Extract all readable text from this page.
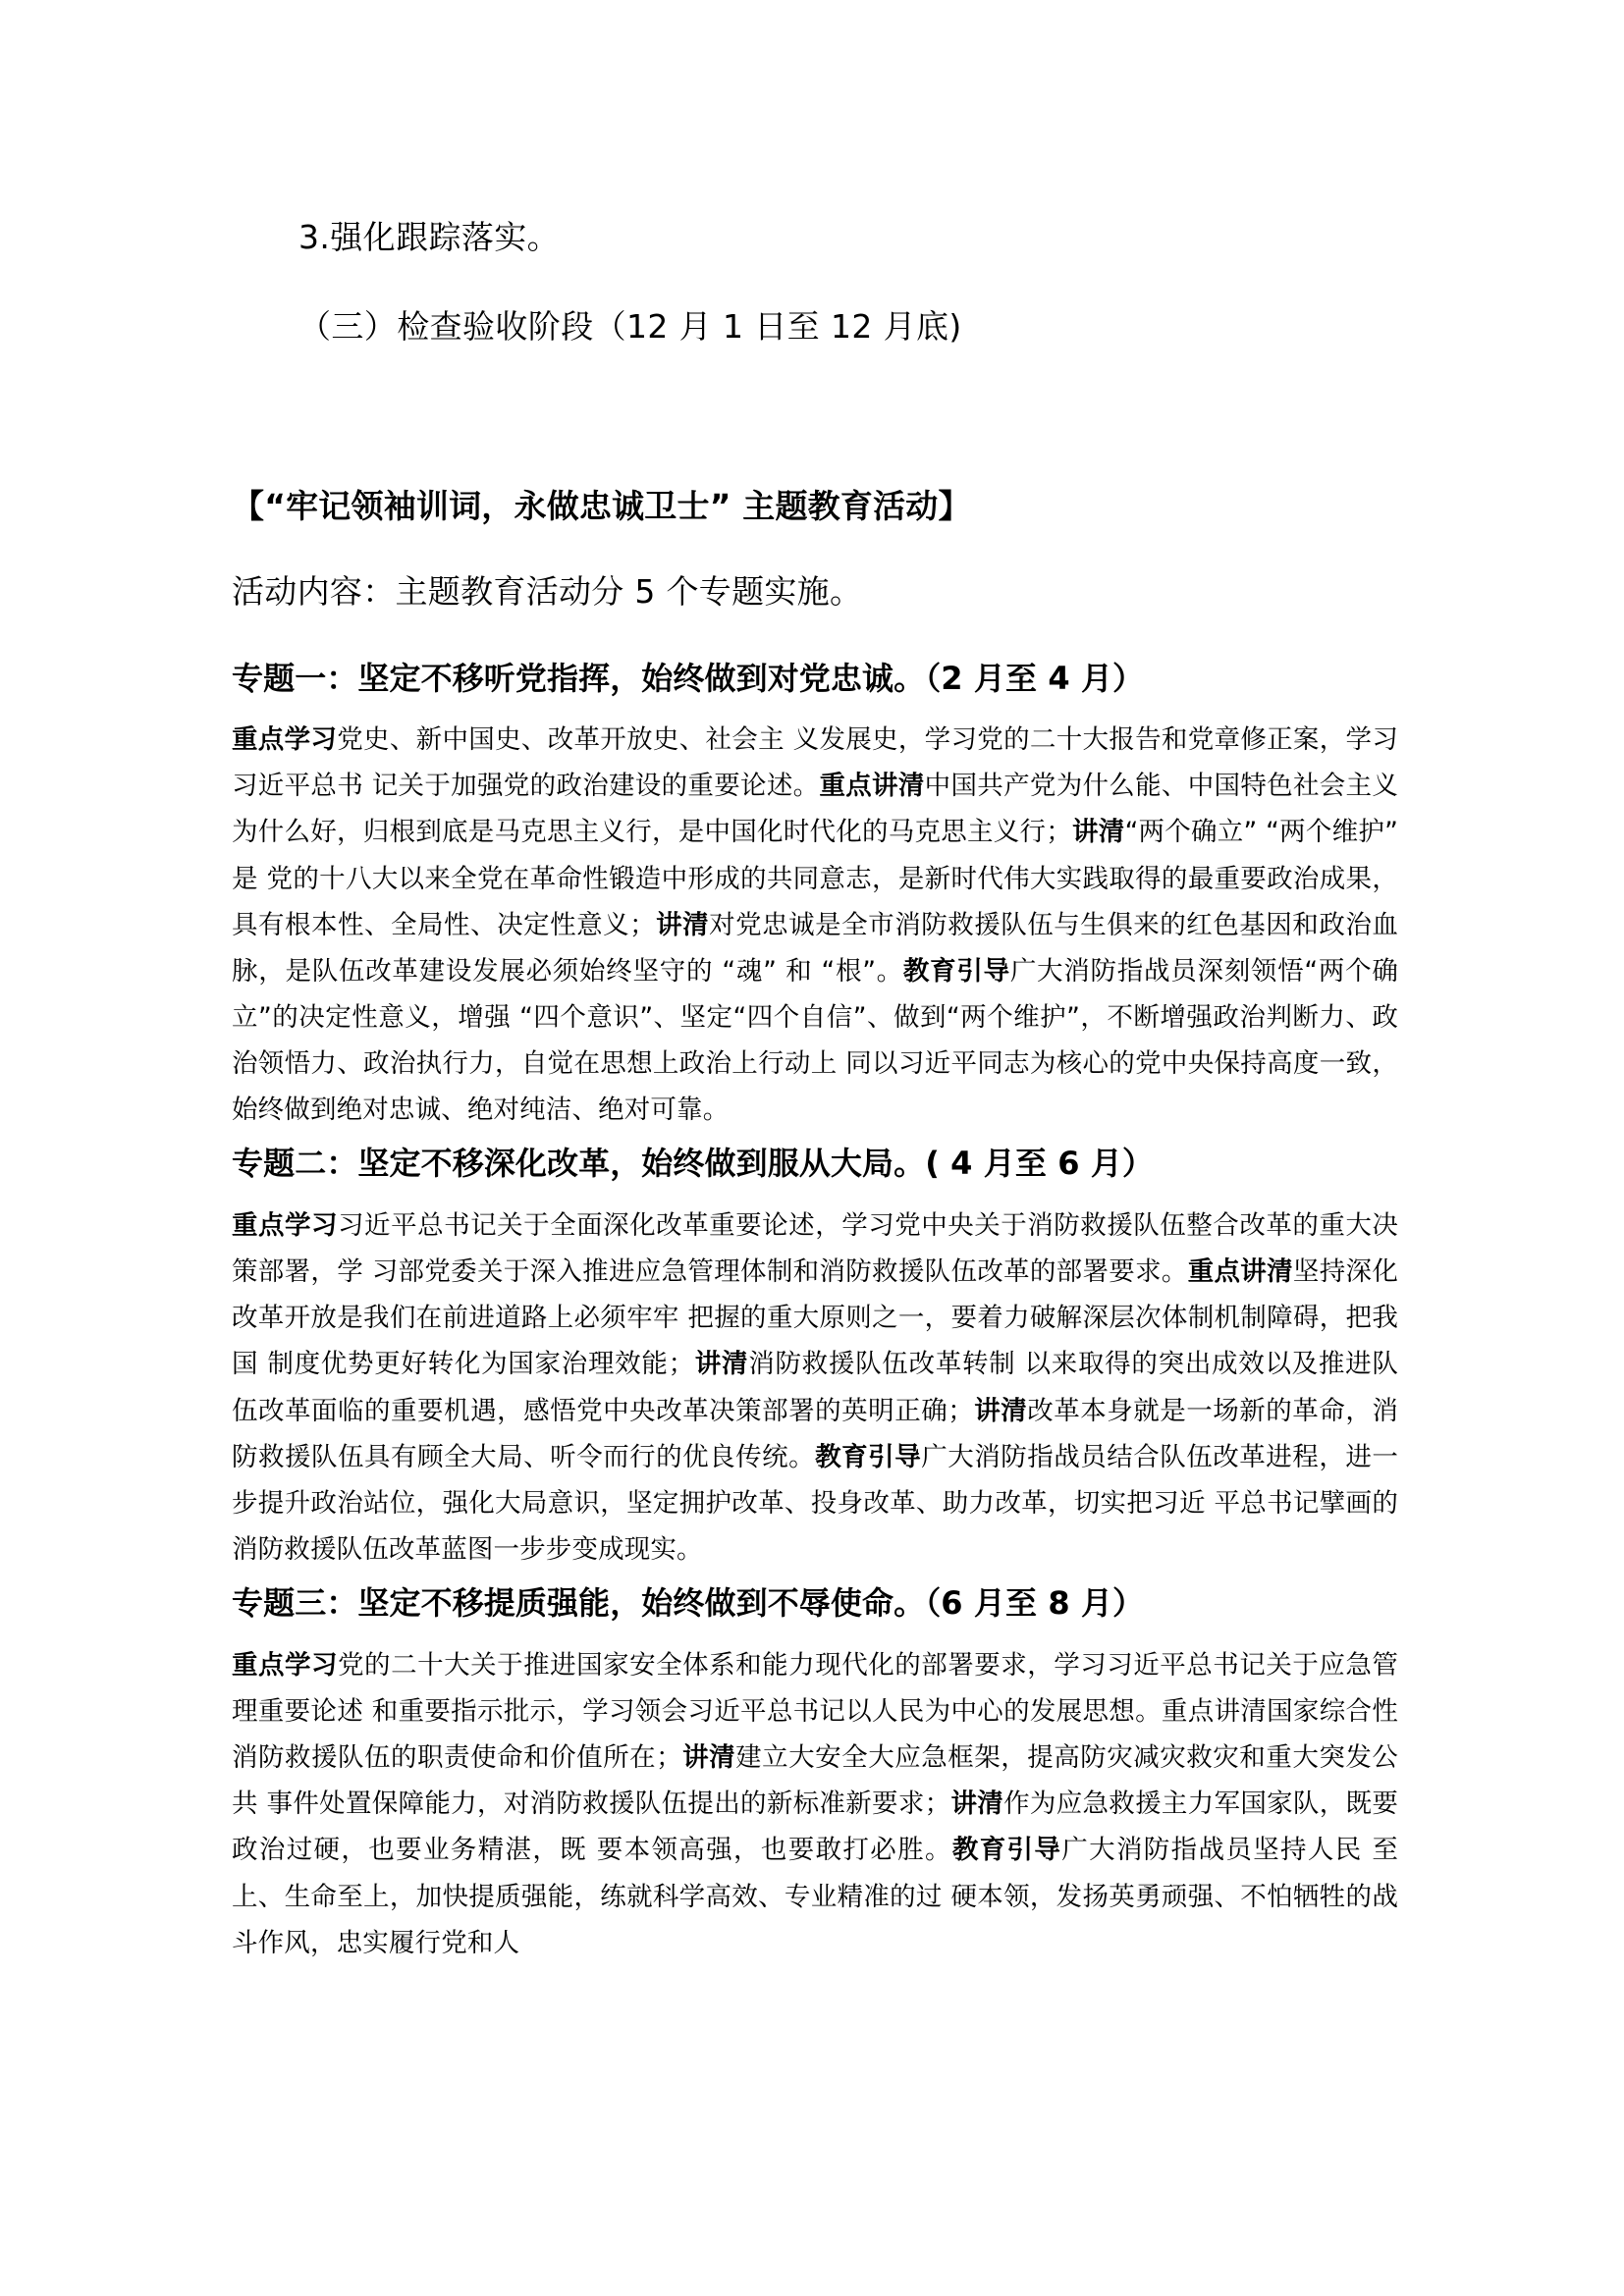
3.强化跟踪落实。

（三）检查验收阶段（12 月 1 日至 12 月底)

【“牢记领袖训词，永做忠诚卫士” 主题教育活动】

活动内容：主题教育活动分 5 个专题实施。

专题一：坚定不移听党指挥，始终做到对党忠诚。（2 月至 4 月）

重点学习党史、新中国史、改革开放史、社会主 义发展史，学习党的二十大报告和党章修正案，学习习近平总书 记关于加强党的政治建设的重要论述。重点讲清中国共产党为什么能、中国特色社会主义为什么好，归根到底是马克思主义行，是中国化时代化的马克思主义行；讲清“两个确立” “两个维护” 是 党的十八大以来全党在革命性锻造中形成的共同意志，是新时代伟大实践取得的最重要政治成果，具有根本性、全局性、决定性意义；讲清对党忠诚是全市消防救援队伍与生俱来的红色基因和政治血脉，是队伍改革建设发展必须始终坚守的 “魂” 和 “根”。教育引导广大消防指战员深刻领悟“两个确立”的决定性意义，增强 “四个意识”、坚定“四个自信”、做到“两个维护”，不断增强政治判断力、政治领悟力、政治执行力，自觉在思想上政治上行动上 同以习近平同志为核心的党中央保持高度一致，始终做到绝对忠诚、绝对纯洁、绝对可靠。

专题二：坚定不移深化改革，始终做到服从大局。( 4 月至 6 月）

重点学习习近平总书记关于全面深化改革重要论述，学习党中央关于消防救援队伍整合改革的重大决策部署，学 习部党委关于深入推进应急管理体制和消防救援队伍改革的部署要求。重点讲清坚持深化改革开放是我们在前进道路上必须牢牢 把握的重大原则之一，要着力破解深层次体制机制障碍，把我国 制度优势更好转化为国家治理效能；讲清消防救援队伍改革转制 以来取得的突出成效以及推进队伍改革面临的重要机遇，感悟党中央改革决策部署的英明正确；讲清改革本身就是一场新的革命，消防救援队伍具有顾全大局、听令而行的优良传统。教育引导广大消防指战员结合队伍改革进程，进一步提升政治站位，强化大局意识，坚定拥护改革、投身改革、助力改革，切实把习近 平总书记擘画的消防救援队伍改革蓝图一步步变成现实。

专题三：坚定不移提质强能，始终做到不辱使命。（6 月至 8 月）

重点学习党的二十大关于推进国家安全体系和能力现代化的部署要求，学习习近平总书记关于应急管理重要论述 和重要指示批示，学习领会习近平总书记以人民为中心的发展思想。重点讲清国家综合性消防救援队伍的职责使命和价值所在；讲清建立大安全大应急框架，提高防灾减灾救灾和重大突发公共 事件处置保障能力，对消防救援队伍提出的新标准新要求；讲清作为应急救援主力军国家队，既要政治过硬，也要业务精湛，既 要本领高强，也要敢打必胜。教育引导广大消防指战员坚持人民 至上、生命至上，加快提质强能，练就科学高效、专业精准的过 硬本领，发扬英勇顽强、不怕牺牲的战斗作风，忠实履行党和人
